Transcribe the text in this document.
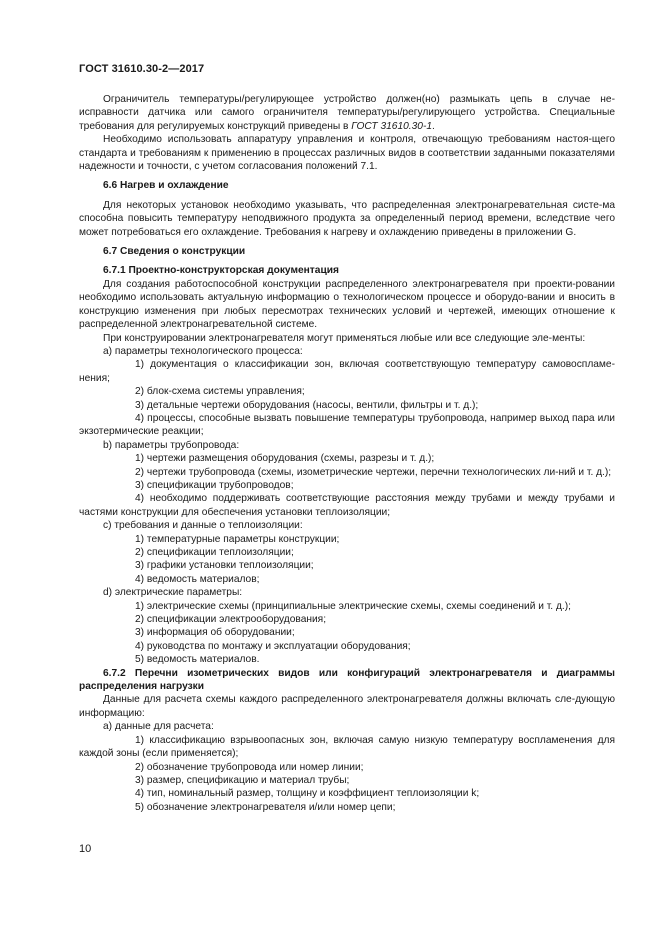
ГОСТ 31610.30-2—2017

Ограничитель температуры/регулирующее устройство должен(но) размыкать цепь в случае не-исправности датчика или самого ограничителя температуры/регулирующего устройства. Специальные требования для регулируемых конструкций приведены в ГОСТ 31610.30-1.

Необходимо использовать аппаратуру управления и контроля, отвечающую требованиям настоя-щего стандарта и требованиям к применению в процессах различных видов в соответствии заданными показателями надежности и точности, с учетом согласования положений 7.1.

6.6 Нагрев и охлаждение

Для некоторых установок необходимо указывать, что распределенная электронагревательная систе-ма способна повысить температуру неподвижного продукта за определенный период времени, вследствие чего может потребоваться его охлаждение. Требования к нагреву и охлаждению приведены в приложении G.

6.7 Сведения о конструкции

6.7.1 Проектно-конструкторская документация

Для создания работоспособной конструкции распределенного электронагревателя при проекти-ровании необходимо использовать актуальную информацию о технологическом процессе и оборудо-вании и вносить в конструкцию изменения при любых пересмотрах технических условий и чертежей, имеющих отношение к распределенной электронагревательной системе.

При конструировании электронагревателя могут применяться любые или все следующие эле-менты:

а) параметры технологического процесса:

1) документация о классификации зон, включая соответствующую температуру самовоспламе-нения;

2) блок-схема системы управления;

3) детальные чертежи оборудования (насосы, вентили, фильтры и т. д.);

4) процессы, способные вызвать повышение температуры трубопровода, например выход пара или экзотермические реакции;

b) параметры трубопровода:

1) чертежи размещения оборудования (схемы, разрезы и т. д.);

2) чертежи трубопровода (схемы, изометрические чертежи, перечни технологических ли-ний и т. д.);

3) спецификации трубопроводов;

4) необходимо поддерживать соответствующие расстояния между трубами и между трубами и частями конструкции для обеспечения установки теплоизоляции;

с) требования и данные о теплоизоляции:

1) температурные параметры конструкции;

2) спецификации теплоизоляции;

3) графики установки теплоизоляции;

4) ведомость материалов;

d) электрические параметры:

1) электрические схемы (принципиальные электрические схемы, схемы соединений и т. д.);

2) спецификации электрооборудования;

3) информация об оборудовании;

4) руководства по монтажу и эксплуатации оборудования;

5) ведомость материалов.

6.7.2 Перечни изометрических видов или конфигураций электронагревателя и диаграммы распределения нагрузки

Данные для расчета схемы каждого распределенного электронагревателя должны включать сле-дующую информацию:

а) данные для расчета:

1) классификацию взрывоопасных зон, включая самую низкую температуру воспламенения для каждой зоны (если применяется);

2) обозначение трубопровода или номер линии;

3) размер, спецификацию и материал трубы;

4) тип, номинальный размер, толщину и коэффициент теплоизоляции k;

5) обозначение электронагревателя и/или номер цепи;

10
